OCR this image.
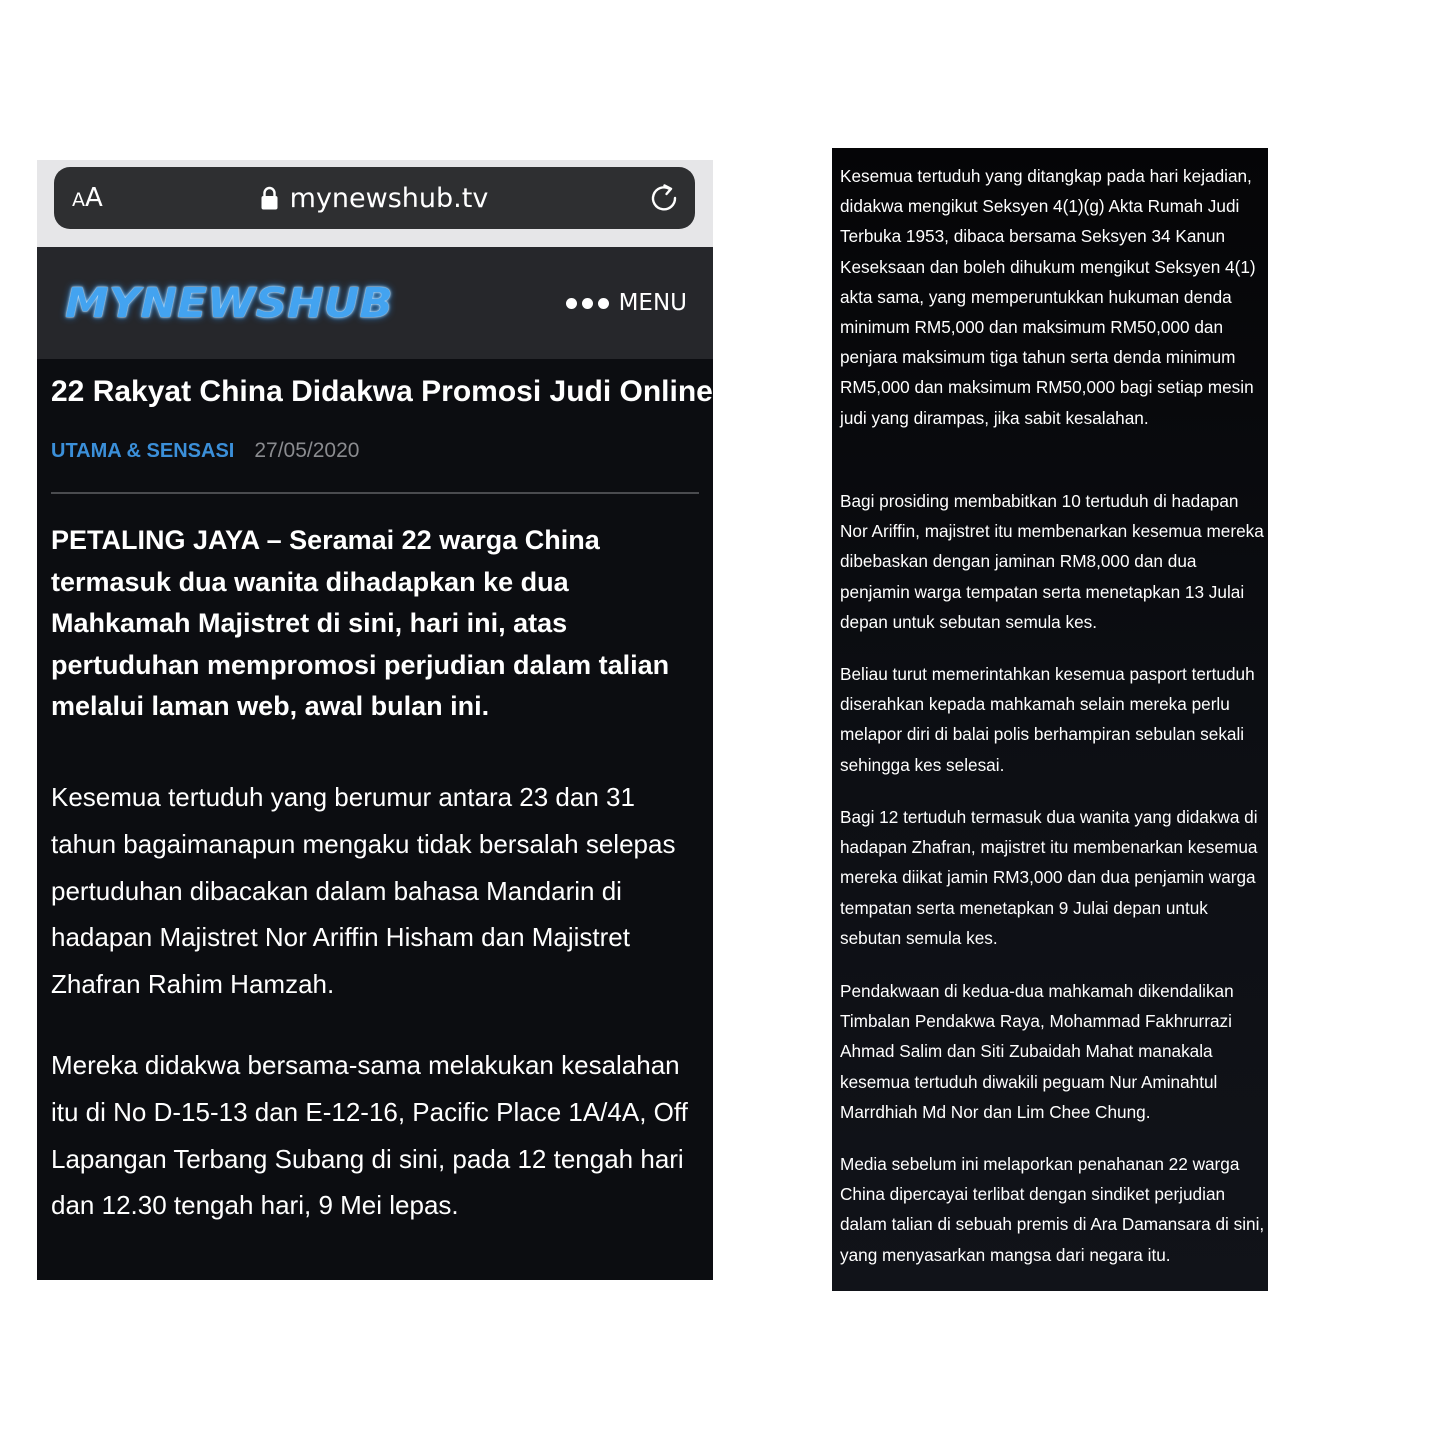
AA	mynewshub.tv
MYNEWSHUB	MENU
22 Rakyat China Didakwa Promosi Judi Online
UTAMA & SENSASI 27/05/2020

PETALING JAYA – Seramai 22 warga China termasuk dua wanita dihadapkan ke dua Mahkamah Majistret di sini, hari ini, atas pertuduhan mempromosi perjudian dalam talian melalui laman web, awal bulan ini.

Kesemua tertuduh yang berumur antara 23 dan 31 tahun bagaimanapun mengaku tidak bersalah selepas pertuduhan dibacakan dalam bahasa Mandarin di hadapan Majistret Nor Ariffin Hisham dan Majistret Zhafran Rahim Hamzah.

Mereka didakwa bersama-sama melakukan kesalahan itu di No D-15-13 dan E-12-16, Pacific Place 1A/4A, Off Lapangan Terbang Subang di sini, pada 12 tengah hari dan 12.30 tengah hari, 9 Mei lepas.

Kesemua tertuduh yang ditangkap pada hari kejadian, didakwa mengikut Seksyen 4(1)(g) Akta Rumah Judi Terbuka 1953, dibaca bersama Seksyen 34 Kanun Keseksaan dan boleh dihukum mengikut Seksyen 4(1) akta sama, yang memperuntukkan hukuman denda minimum RM5,000 dan maksimum RM50,000 dan penjara maksimum tiga tahun serta denda minimum RM5,000 dan maksimum RM50,000 bagi setiap mesin judi yang dirampas, jika sabit kesalahan.

Bagi prosiding membabitkan 10 tertuduh di hadapan Nor Ariffin, majistret itu membenarkan kesemua mereka dibebaskan dengan jaminan RM8,000 dan dua penjamin warga tempatan serta menetapkan 13 Julai depan untuk sebutan semula kes.

Beliau turut memerintahkan kesemua pasport tertuduh diserahkan kepada mahkamah selain mereka perlu melapor diri di balai polis berhampiran sebulan sekali sehingga kes selesai.

Bagi 12 tertuduh termasuk dua wanita yang didakwa di hadapan Zhafran, majistret itu membenarkan kesemua mereka diikat jamin RM3,000 dan dua penjamin warga tempatan serta menetapkan 9 Julai depan untuk sebutan semula kes.

Pendakwaan di kedua-dua mahkamah dikendalikan Timbalan Pendakwa Raya, Mohammad Fakhrurrazi Ahmad Salim dan Siti Zubaidah Mahat manakala kesemua tertuduh diwakili peguam Nur Aminahtul Marrdhiah Md Nor dan Lim Chee Chung.

Media sebelum ini melaporkan penahanan 22 warga China dipercayai terlibat dengan sindiket perjudian dalam talian di sebuah premis di Ara Damansara di sini, yang menyasarkan mangsa dari negara itu.
